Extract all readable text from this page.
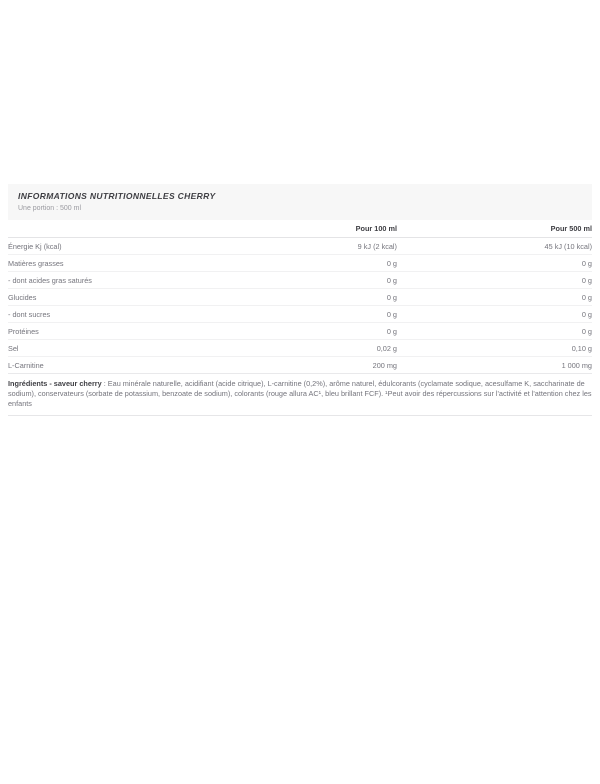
INFORMATIONS NUTRITIONNELLES CHERRY
Une portion : 500 ml
	Pour 100 ml	Pour 500 ml
Énergie Kj (kcal)	9 kJ (2 kcal)	45 kJ (10 kcal)
Matières grasses	0 g	0 g
- dont acides gras saturés	0 g	0 g
Glucides	0 g	0 g
- dont sucres	0 g	0 g
Protéines	0 g	0 g
Sel	0,02 g	0,10 g
L-Carnitine	200 mg	1 000 mg

Ingrédients - saveur cherry : Eau minérale naturelle, acidifiant (acide citrique), L-carnitine (0,2%), arôme naturel, édulcorants (cyclamate sodique, acesulfame K, saccharinate de sodium), conservateurs (sorbate de potassium, benzoate de sodium), colorants (rouge allura AC¹, bleu brillant FCF). ¹Peut avoir des répercussions sur l'activité et l'attention chez les enfants
